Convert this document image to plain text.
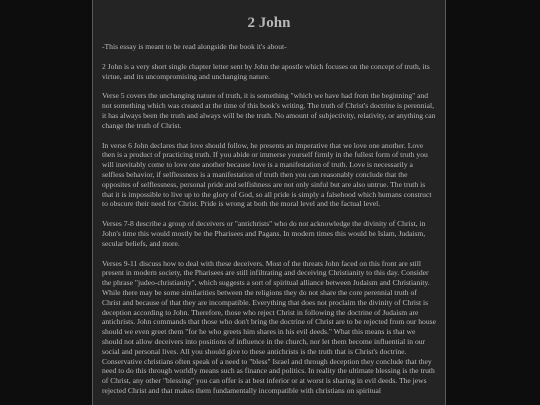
2 John

-This essay is meant to be read alongside the book it's about-

2 John is a very short single chapter letter sent by John the apostle which focuses on the concept of truth, its virtue, and its uncompromising and unchanging nature.

Verse 5 covers the unchanging nature of truth, it is something "which we have had from the beginning" and not something which was created at the time of this book's writing. The truth of Christ's doctrine is perennial, it has always been the truth and always will be the truth. No amount of subjectivity, relativity, or anything can change the truth of Christ.

In verse 6 John declares that love should follow, he presents an imperative that we love one another. Love then is a product of practicing truth. If you abide or immerse yourself firmly in the fullest form of truth you will inevitably come to love one another because love is a manifestation of truth. Love is necessarily a selfless behavior, if selflessness is a manifestation of truth then you can reasonably conclude that the opposites of selflessness, personal pride and selfishness are not only sinful but are also untrue. The truth is that it is impossible to live up to the glory of God, so all pride is simply a falsehood which humans construct to obscure their need for Christ. Pride is wrong at both the moral level and the factual level.

Verses 7-8 describe a group of deceivers or "antichrists" who do not acknowledge the divinity of Christ, in John's time this would mostly be the Pharisees and Pagans. In modern times this would be Islam, Judaism, secular beliefs, and more.

Verses 9-11 discuss how to deal with these deceivers. Most of the threats John faced on this front are still present in modern society, the Pharisees are still infiltrating and deceiving Christianity to this day. Consider the phrase "judeo-christianity", which suggests a sort of spiritual alliance between Judaism and Christianity. While there may be some similarities between the religions they do not share the core perennial truth of Christ and because of that they are incompatible. Everything that does not proclaim the divinity of Christ is deception according to John. Therefore, those who reject Christ in following the doctrine of Judaism are antichrists. John commands that those who don't bring the doctrine of Christ are to be rejected from our house should we even greet them "for he who greets him shares in his evil deeds." What this means is that we should not allow deceivers into positions of influence in the church, nor let them become influential in our social and personal lives. All you should give to these antichrists is the truth that is Christ's doctrine. Conservative christians often speak of a need to "bless" Israel and through deception they conclude that they need to do this through worldly means such as finance and politics. In reality the ultimate blessing is the truth of Christ, any other "blessing" you can offer is at best inferior or at worst is sharing in evil deeds. The jews rejected Christ and that makes them fundamentally incompatible with christians on spiritual
